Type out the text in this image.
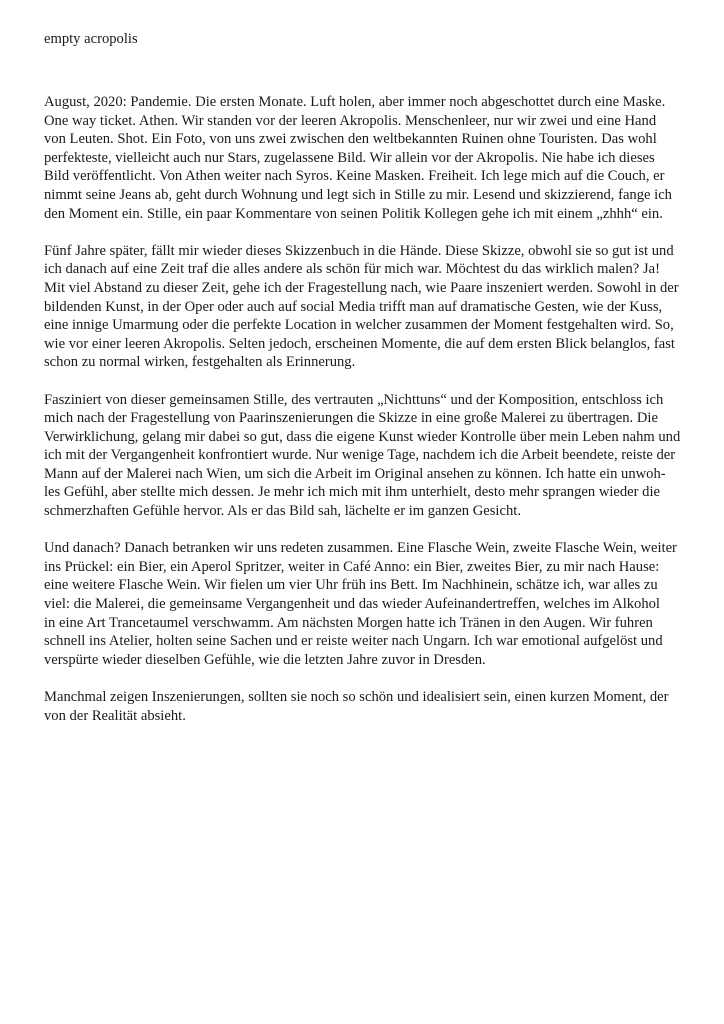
empty acropolis

August, 2020: Pandemie. Die ersten Monate. Luft holen, aber immer noch abgeschottet durch eine Maske.
One way ticket. Athen. Wir standen vor der leeren Akropolis. Menschenleer, nur wir zwei und eine Hand
von Leuten. Shot. Ein Foto, von uns zwei zwischen den weltbekannten Ruinen ohne Touristen. Das wohl
perfekteste, vielleicht auch nur Stars, zugelassene Bild. Wir allein vor der Akropolis. Nie habe ich dieses
Bild veröffentlicht. Von Athen weiter nach Syros. Keine Masken. Freiheit. Ich lege mich auf die Couch, er
nimmt seine Jeans ab, geht durch Wohnung und legt sich in Stille zu mir. Lesend und skizzierend, fange ich
den Moment ein. Stille, ein paar Kommentare von seinen Politik Kollegen gehe ich mit einem „zhhh“ ein.

Fünf Jahre später, fällt mir wieder dieses Skizzenbuch in die Hände. Diese Skizze, obwohl sie so gut ist und
ich danach auf eine Zeit traf die alles andere als schön für mich war. Möchtest du das wirklich malen? Ja!
Mit viel Abstand zu dieser Zeit, gehe ich der Fragestellung nach, wie Paare inszeniert werden. Sowohl in der
bildenden Kunst, in der Oper oder auch auf social Media trifft man auf dramatische Gesten, wie der Kuss,
eine innige Umarmung oder die perfekte Location in welcher zusammen der Moment festgehalten wird. So,
wie vor einer leeren Akropolis. Selten jedoch, erscheinen Momente, die auf dem ersten Blick belanglos, fast
schon zu normal wirken, festgehalten als Erinnerung.

Fasziniert von dieser gemeinsamen Stille, des vertrauten „Nichttuns“ und der Komposition, entschloss ich
mich nach der Fragestellung von Paarinszenierungen die Skizze in eine große Malerei zu übertragen. Die
Verwirklichung, gelang mir dabei so gut, dass die eigene Kunst wieder Kontrolle über mein Leben nahm und
ich mit der Vergangenheit konfrontiert wurde. Nur wenige Tage, nachdem ich die Arbeit beendete, reiste der
Mann auf der Malerei nach Wien, um sich die Arbeit im Original ansehen zu können. Ich hatte ein unwoh-
les Gefühl, aber stellte mich dessen. Je mehr ich mich mit ihm unterhielt, desto mehr sprangen wieder die
schmerzhaften Gefühle hervor. Als er das Bild sah, lächelte er im ganzen Gesicht.

Und danach? Danach betranken wir uns redeten zusammen. Eine Flasche Wein, zweite Flasche Wein, weiter
ins Prückel: ein Bier, ein Aperol Spritzer, weiter in Café Anno: ein Bier, zweites Bier, zu mir nach Hause:
eine weitere Flasche Wein. Wir fielen um vier Uhr früh ins Bett. Im Nachhinein, schätze ich, war alles zu
viel: die Malerei, die gemeinsame Vergangenheit und das wieder Aufeinandertreffen, welches im Alkohol
in eine Art Trancetaumel verschwamm. Am nächsten Morgen hatte ich Tränen in den Augen. Wir fuhren
schnell ins Atelier, holten seine Sachen und er reiste weiter nach Ungarn. Ich war emotional aufgelöst und
verspürte wieder dieselben Gefühle, wie die letzten Jahre zuvor in Dresden.

Manchmal zeigen Inszenierungen, sollten sie noch so schön und idealisiert sein, einen kurzen Moment, der
von der Realität absieht.
